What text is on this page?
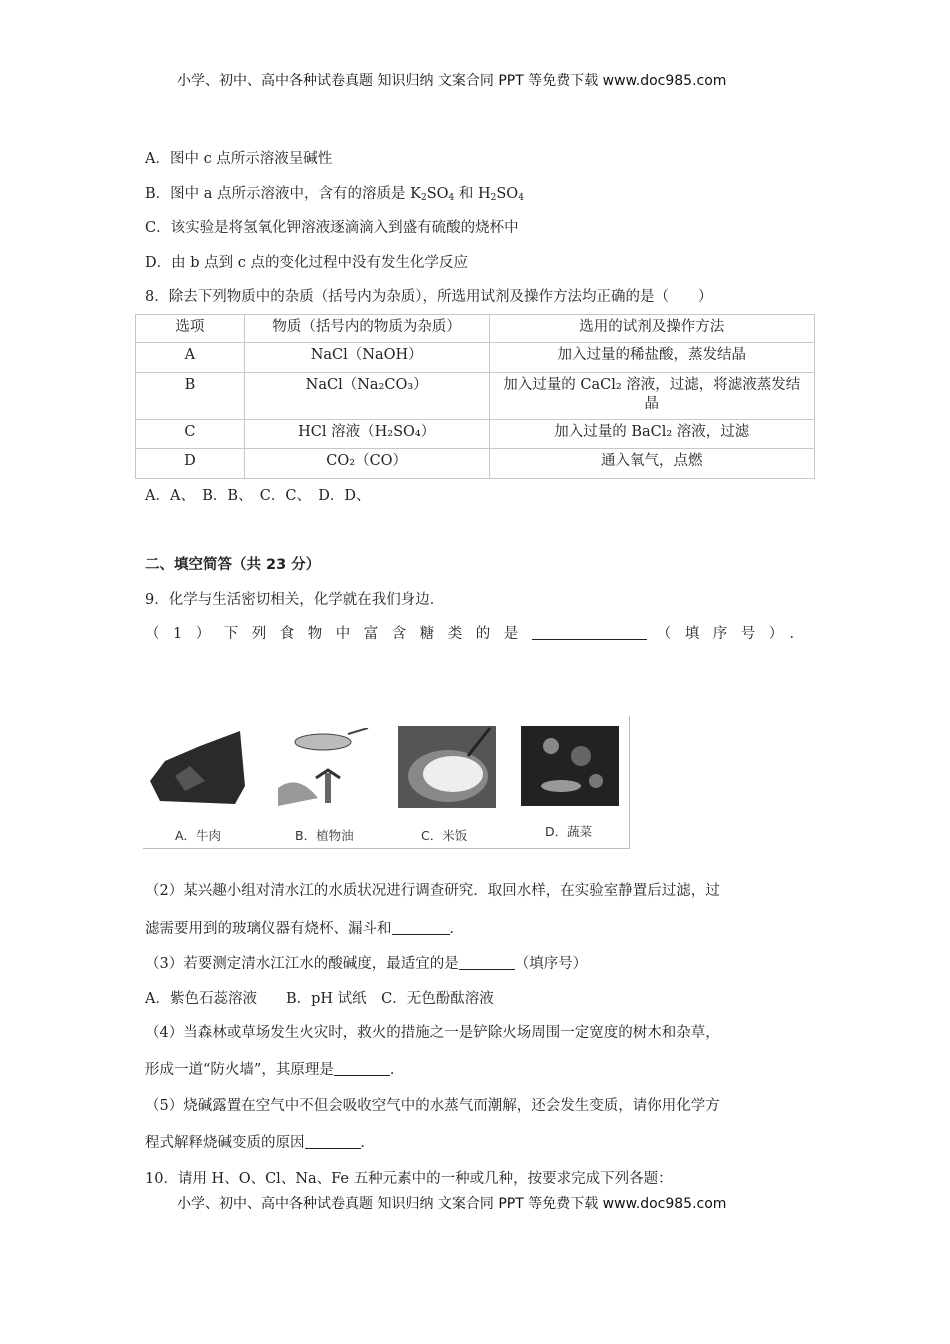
小学、初中、高中各种试卷真题 知识归纳 文案合同 PPT 等免费下载 www.doc985.com
A．图中 c 点所示溶液呈碱性
B．图中 a 点所示溶液中，含有的溶质是 $K_2SO_4$ 和 $H_2SO_4$
C．该实验是将氢氧化钾溶液逐滴滴入到盛有硫酸的烧杯中
D．由 b 点到 c 点的变化过程中没有发生化学反应
8．除去下列物质中的杂质（括号内为杂质），所选用试剂及操作方法均正确的是（　　）
选项	物质（括号内的物质为杂质）	选用的试剂及操作方法
A	NaCl（NaOH）	加入过量的稀盐酸，蒸发结晶
B	NaCl（Na₂CO₃）	加入过量的 CaCl₂ 溶液，过滤，将滤液蒸发结晶
C	HCl 溶液（H₂SO₄）	加入过量的 BaCl₂ 溶液，过滤
D	CO₂（CO）	通入氧气，点燃
A．A、　B．B、　C．C、　D．D、
二、填空简答（共 23 分）
9．化学与生活密切相关，化学就在我们身边．
（1）下列食物中富含糖类的是	（填序号）．
A．牛肉	B．植物油	C．米饭	D．蔬菜
（2）某兴趣小组对清水江的水质状况进行调查研究．取回水样，在实验室静置后过滤，过
滤需要用到的玻璃仪器有烧杯、漏斗和	．
（3）若要测定清水江江水的酸碱度，最适宜的是	（填序号）
A．紫色石蕊溶液　　B．pH 试纸　C．无色酚酞溶液
（4）当森林或草场发生火灾时，救火的措施之一是铲除火场周围一定宽度的树木和杂草，
形成一道“防火墙”，其原理是	．
（5）烧碱露置在空气中不但会吸收空气中的水蒸气而潮解，还会发生变质，请你用化学方
程式解释烧碱变质的原因	．
10．请用 H、O、Cl、Na、Fe 五种元素中的一种或几种，按要求完成下列各题：
小学、初中、高中各种试卷真题 知识归纳 文案合同 PPT 等免费下载 www.doc985.com
